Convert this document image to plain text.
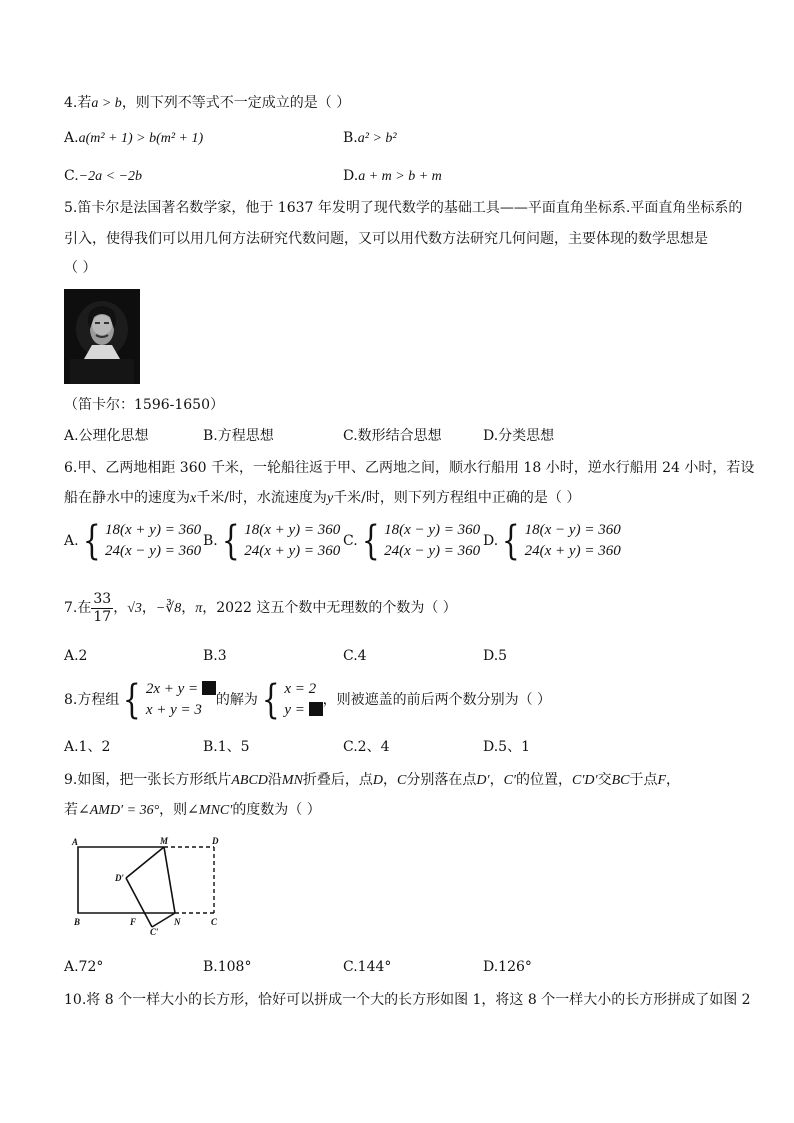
4.若a > b，则下列不等式不一定成立的是（ ）
A.a(m² + 1) > b(m² + 1)	B.a² > b²
C.−2a < −2b	D.a + m > b + m
5.笛卡尔是法国著名数学家，他于 1637 年发明了现代数学的基础工具——平面直角坐标系.平面直角坐标系的
引入，使得我们可以用几何方法研究代数问题，又可以用代数方法研究几何问题，主要体现的数学思想是
（ ）
（笛卡尔：1596-1650）
A.公理化思想	B.方程思想	C.数形结合思想	D.分类思想
6.甲、乙两地相距 360 千米，一轮船往返于甲、乙两地之间，顺水行船用 18 小时，逆水行船用 24 小时，若设
船在静水中的速度为x千米/时，水流速度为y千米/时，则下列方程组中正确的是（ ）
A. { 18(x + y) = 360
24(x − y) = 360
B. { 18(x + y) = 360
24(x + y) = 360
C. { 18(x − y) = 360
24(x − y) = 360
D. { 18(x − y) = 360
24(x + y) = 360
7.在 $\frac{33}{17}$ ，√3，−∛8，π，2022 这五个数中无理数的个数为（ ）
A.2	B.3	C.4	D.5
8.方程组 { 2x + y =
x + y = 3
的解为 { x = 2
y =
，则被遮盖的前后两个数分别为（ ）
A.1、2	B.1、5	C.2、4	D.5、1
9.如图，把一张长方形纸片ABCD沿MN折叠后，点D，C分别落在点D′，C′的位置，C′D′交BC于点F，
若∠AMD′ = 36°，则∠MNC′的度数为（ ）
A	M	D
D′
B	F	N	C
C′
A.72°	B.108°	C.144°	D.126°
10.将 8 个一样大小的长方形，恰好可以拼成一个大的长方形如图 1，将这 8 个一样大小的长方形拼成了如图 2
